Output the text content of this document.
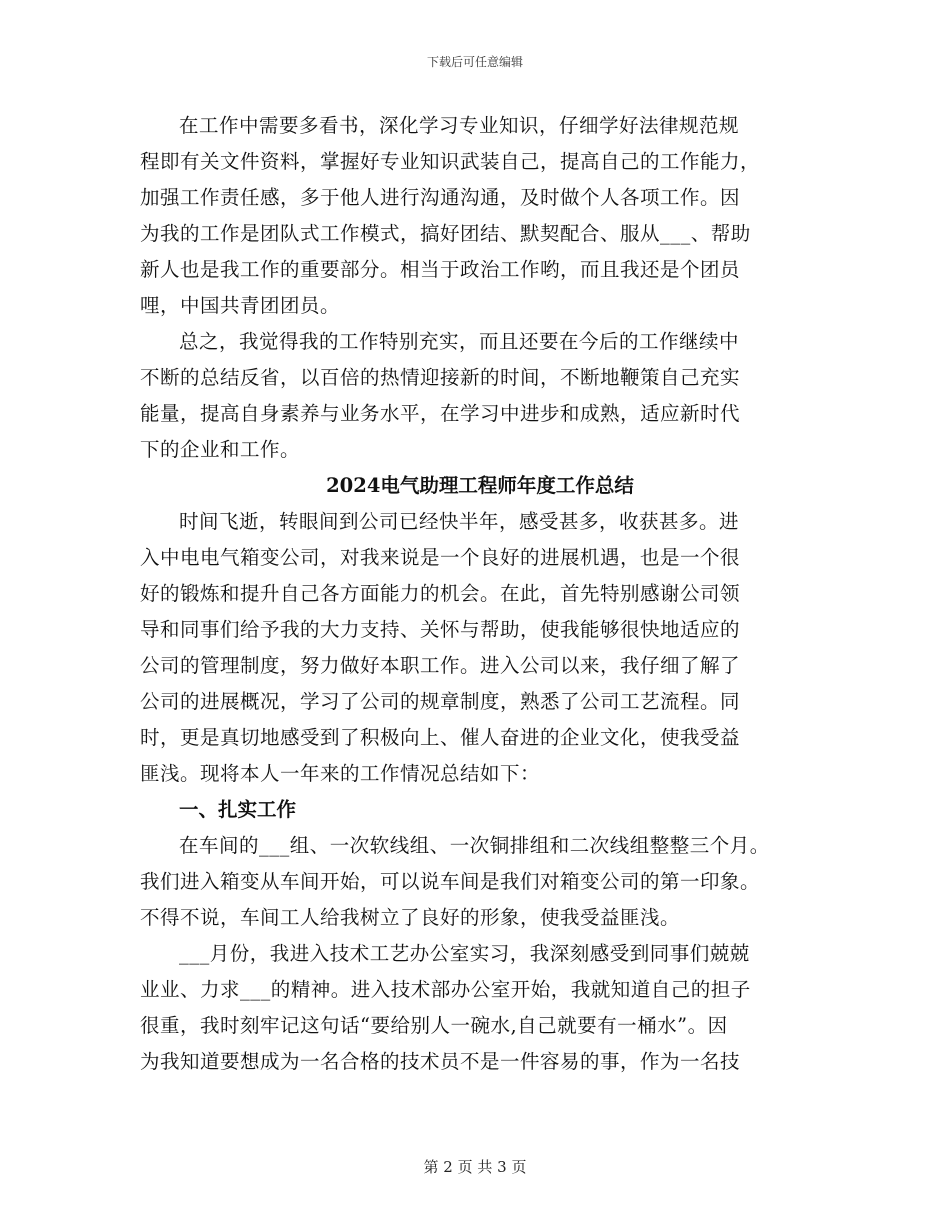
下载后可任意编辑

在工作中需要多看书，深化学习专业知识，仔细学好法律规范规
程即有关文件资料，掌握好专业知识武装自己，提高自己的工作能力，
加强工作责任感，多于他人进行沟通沟通，及时做个人各项工作。因
为我的工作是团队式工作模式，搞好团结、默契配合、服从___、帮助
新人也是我工作的重要部分。相当于政治工作哟，而且我还是个团员
哩，中国共青团团员。

总之，我觉得我的工作特别充实，而且还要在今后的工作继续中
不断的总结反省，以百倍的热情迎接新的时间，不断地鞭策自己充实
能量，提高自身素养与业务水平，在学习中进步和成熟，适应新时代
下的企业和工作。

2024电气助理工程师年度工作总结

时间飞逝，转眼间到公司已经快半年，感受甚多，收获甚多。进
入中电电气箱变公司，对我来说是一个良好的进展机遇，也是一个很
好的锻炼和提升自己各方面能力的机会。在此，首先特别感谢公司领
导和同事们给予我的大力支持、关怀与帮助，使我能够很快地适应的
公司的管理制度，努力做好本职工作。进入公司以来，我仔细了解了
公司的进展概况，学习了公司的规章制度，熟悉了公司工艺流程。同
时，更是真切地感受到了积极向上、催人奋进的企业文化，使我受益
匪浅。现将本人一年来的工作情况总结如下：

一、扎实工作

在车间的___组、一次软线组、一次铜排组和二次线组整整三个月。
我们进入箱变从车间开始，可以说车间是我们对箱变公司的第一印象。
不得不说，车间工人给我树立了良好的形象，使我受益匪浅。

___月份，我进入技术工艺办公室实习，我深刻感受到同事们兢兢
业业、力求___的精神。进入技术部办公室开始，我就知道自己的担子
很重，我时刻牢记这句话“要给别人一碗水,自己就要有一桶水”。因
为我知道要想成为一名合格的技术员不是一件容易的事，作为一名技

第 2 页 共 3 页
